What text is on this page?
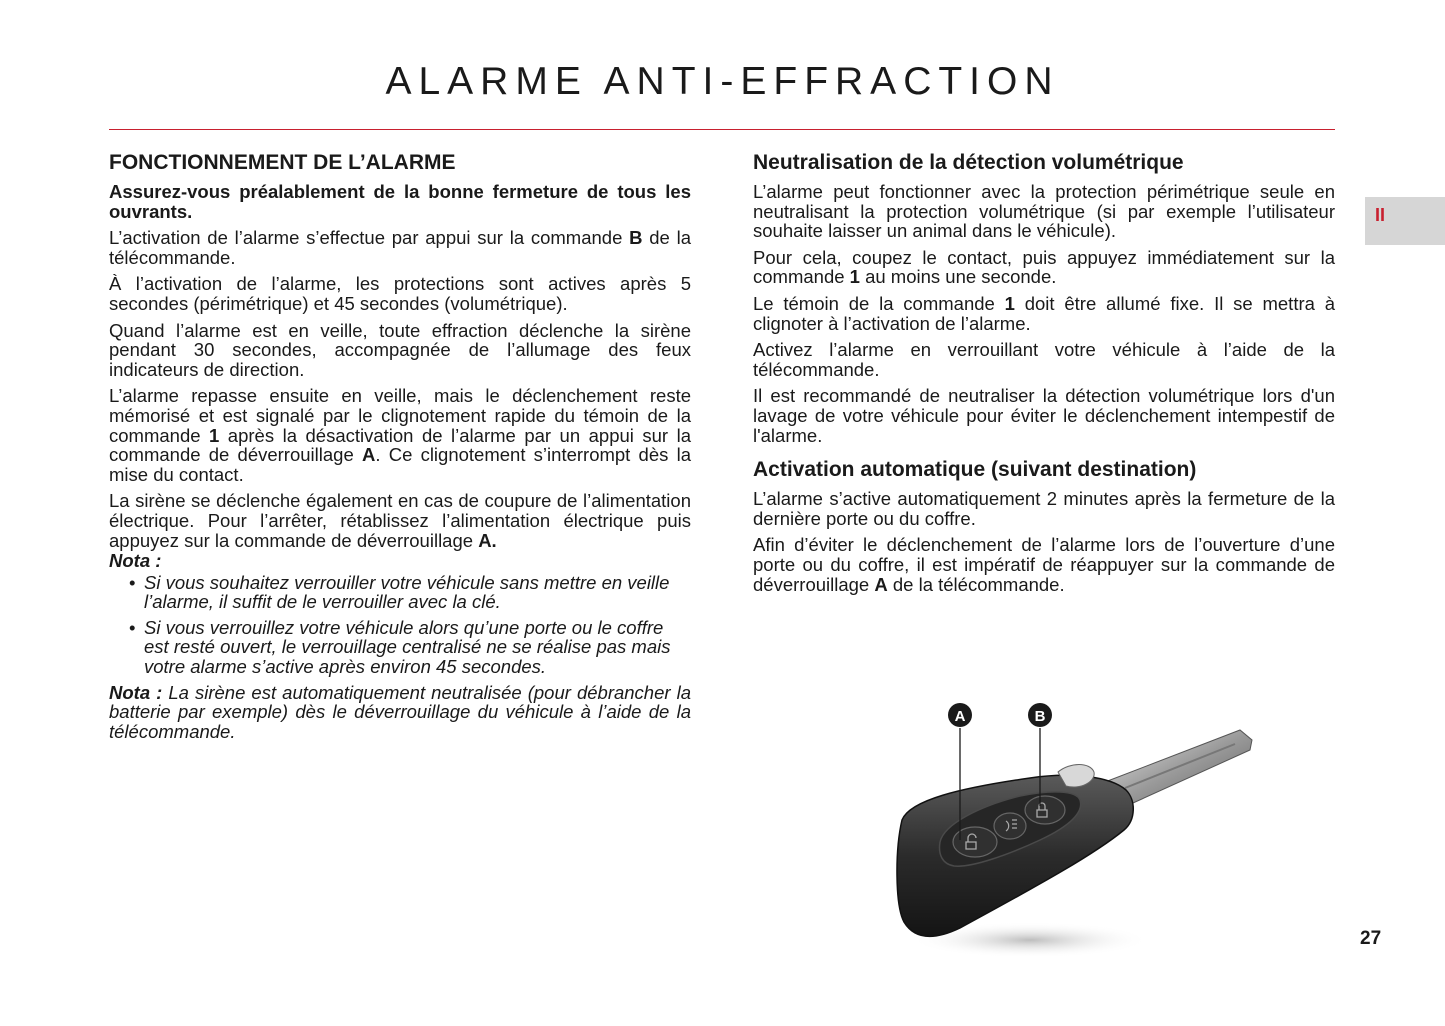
ALARME ANTI-EFFRACTION
II
FONCTIONNEMENT DE L’ALARME
Assurez-vous préalablement de la bonne fermeture de tous les ouvrants.

L’activation de l’alarme s’effectue par appui sur la commande B de la télécommande.

À l’activation de l’alarme, les protections sont actives après 5 secondes (périmétrique) et 45 secondes (volumétrique).

Quand l’alarme est en veille, toute effraction déclenche la sirène pendant 30 secondes, accompagnée de l’allumage des feux indicateurs de direction.

L’alarme repasse ensuite en veille, mais le déclenchement reste mémorisé et est signalé par le clignotement rapide du témoin de la commande 1 après la désactivation de l’alarme par un appui sur la commande de déverrouillage A. Ce clignotement s’interrompt dès la mise du contact.

La sirène se déclenche également en cas de coupure de l’alimentation électrique. Pour l’arrêter, rétablissez l’alimentation électrique puis appuyez sur la commande de déverrouillage A.

Nota :
• Si vous souhaitez verrouiller votre véhicule sans mettre en veille l’alarme, il suffit de le verrouiller avec la clé.
• Si vous verrouillez votre véhicule alors qu’une porte ou le coffre est resté ouvert, le verrouillage centralisé ne se réalise pas mais votre alarme s’active après environ 45 secondes.
Nota : La sirène est automatiquement neutralisée (pour débrancher la batterie par exemple) dès le déverrouillage du véhicule à l’aide de la télécommande.
Neutralisation de la détection volumétrique

L’alarme peut fonctionner avec la protection périmétrique seule en neutralisant la protection volumétrique (si par exemple l’utilisateur souhaite laisser un animal dans le véhicule).

Pour cela, coupez le contact, puis appuyez immédiatement sur la commande 1 au moins une seconde.

Le témoin de la commande 1 doit être allumé fixe. Il se mettra à clignoter à l’activation de l’alarme.

Activez l’alarme en verrouillant votre véhicule à l’aide de la télécommande.

Il est recommandé de neutraliser la détection volumétrique lors d'un lavage de votre véhicule pour éviter le déclenchement intempestif de l'alarme.

Activation automatique (suivant destination)

L’alarme s’active automatiquement 2 minutes après la fermeture de la dernière porte ou du coffre.

Afin d’éviter le déclenchement de l’alarme lors de l’ouverture d’une porte ou du coffre, il est impératif de réappuyer sur la commande de déverrouillage A de la télécommande.

A	B
27
